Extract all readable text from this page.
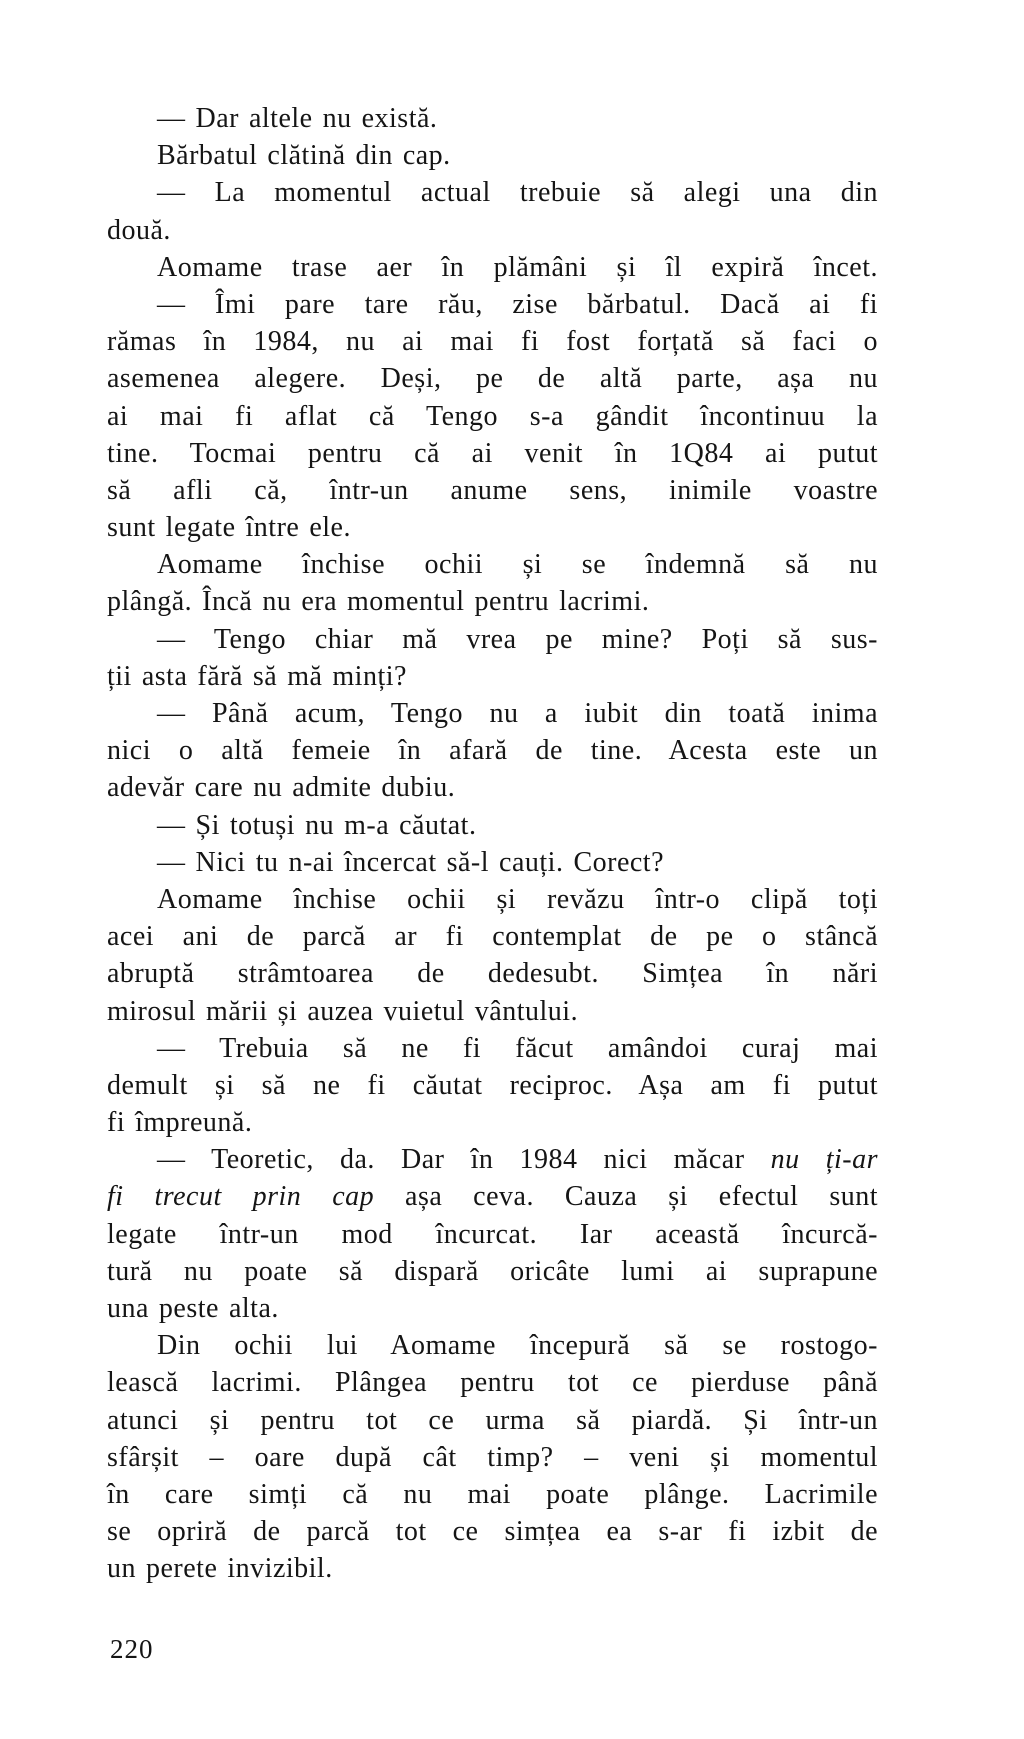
— Dar altele nu există.

Bărbatul clătină din cap.

— La momentul actual trebuie să alegi una din

două.

Aomame trase aer în plămâni și îl expiră încet.

— Îmi pare tare rău, zise bărbatul. Dacă ai fi

rămas în 1984, nu ai mai fi fost forțată să faci o

asemenea alegere. Deși, pe de altă parte, așa nu

ai mai fi aflat că Tengo s-a gândit încontinuu la

tine. Tocmai pentru că ai venit în 1Q84 ai putut

să afli că, într-un anume sens, inimile voastre

sunt legate între ele.

Aomame închise ochii și se îndemnă să nu

plângă. Încă nu era momentul pentru lacrimi.

— Tengo chiar mă vrea pe mine? Poți să sus-

ții asta fără să mă minți?

— Până acum, Tengo nu a iubit din toată inima

nici o altă femeie în afară de tine. Acesta este un

adevăr care nu admite dubiu.

— Și totuși nu m-a căutat.

— Nici tu n-ai încercat să-l cauți. Corect?

Aomame închise ochii și revăzu într-o clipă toți

acei ani de parcă ar fi contemplat de pe o stâncă

abruptă strâmtoarea de dedesubt. Simțea în nări

mirosul mării și auzea vuietul vântului.

— Trebuia să ne fi făcut amândoi curaj mai

demult și să ne fi căutat reciproc. Așa am fi putut

fi împreună.

— Teoretic, da. Dar în 1984 nici măcar nu ți-ar

fi trecut prin cap așa ceva. Cauza și efectul sunt

legate într-un mod încurcat. Iar această încurcă-

tură nu poate să dispară oricâte lumi ai suprapune

una peste alta.

Din ochii lui Aomame începură să se rostogo-

lească lacrimi. Plângea pentru tot ce pierduse până

atunci și pentru tot ce urma să piardă. Și într-un

sfârșit – oare după cât timp? – veni și momentul

în care simți că nu mai poate plânge. Lacrimile

se opriră de parcă tot ce simțea ea s-ar fi izbit de

un perete invizibil.

220
